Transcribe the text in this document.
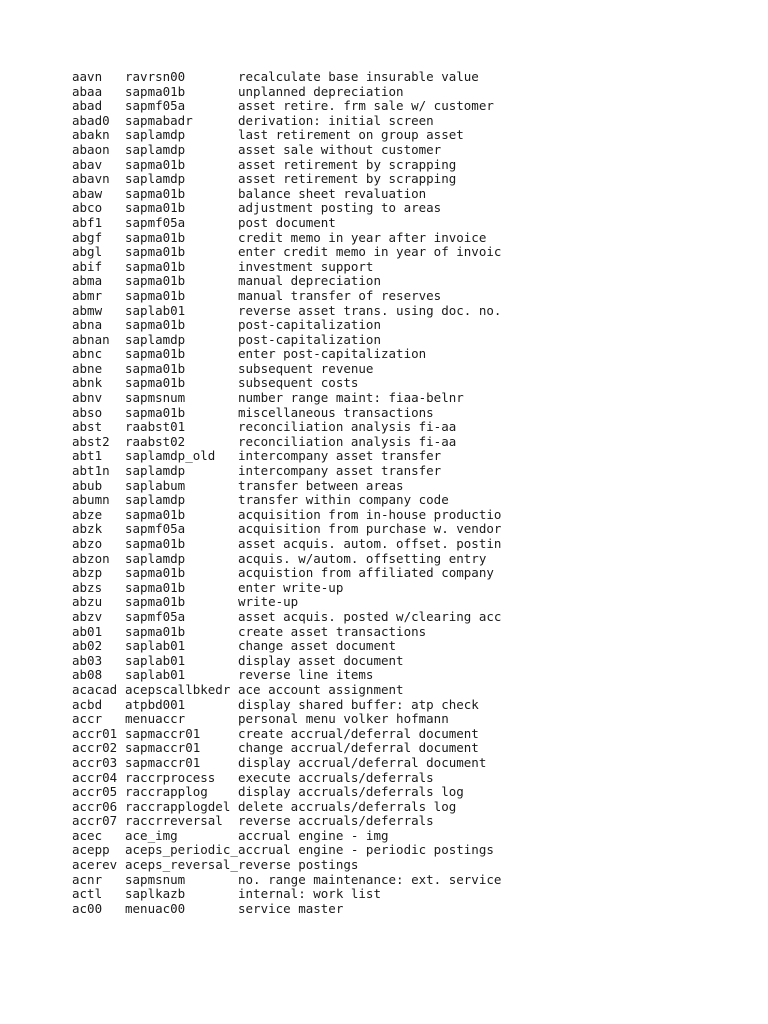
aavn ravrsn00	recalculate base insurable value
abaa sapma01b	unplanned depreciation
abad sapmf05a	asset retire. frm sale w/ customer
abad0 sapmabadr	derivation: initial screen
abakn saplamdp	last retirement on group asset
abaon saplamdp	asset sale without customer
abav sapma01b	asset retirement by scrapping
abavn saplamdp	asset retirement by scrapping
abaw sapma01b	balance sheet revaluation
abco sapma01b	adjustment posting to areas
abf1 sapmf05a	post document
abgf sapma01b	credit memo in year after invoice
abgl sapma01b	enter credit memo in year of invoic
abif sapma01b	investment support
abma sapma01b	manual depreciation
abmr sapma01b	manual transfer of reserves
abmw saplab01	reverse asset trans. using doc. no.
abna sapma01b	post-capitalization
abnan saplamdp	post-capitalization
abnc sapma01b	enter post-capitalization
abne sapma01b	subsequent revenue
abnk sapma01b	subsequent costs
abnv sapmsnum	number range maint: fiaa-belnr
abso sapma01b	miscellaneous transactions
abst raabst01	reconciliation analysis fi-aa
abst2 raabst02	reconciliation analysis fi-aa
abt1 saplamdp_old intercompany asset transfer
abt1n saplamdp	intercompany asset transfer
abub saplabum	transfer between areas
abumn saplamdp	transfer within company code
abze sapma01b	acquisition from in-house productio
abzk sapmf05a	acquisition from purchase w. vendor
abzo sapma01b	asset acquis. autom. offset. postin
abzon saplamdp	acquis. w/autom. offsetting entry
abzp sapma01b	acquistion from affiliated company
abzs sapma01b	enter write-up
abzu sapma01b	write-up
abzv sapmf05a	asset acquis. posted w/clearing acc
ab01 sapma01b	create asset transactions
ab02 saplab01	change asset document
ab03 saplab01	display asset document
ab08 saplab01	reverse line items
acacad acepscallbkedr ace account assignment
acbd atpbd001	display shared buffer: atp check
accr menuaccr	personal menu volker hofmann
accr01 sapmaccr01	create accrual/deferral document
accr02 sapmaccr01	change accrual/deferral document
accr03 sapmaccr01	display accrual/deferral document
accr04 raccrprocess execute accruals/deferrals
accr05 raccrapplog display accruals/deferrals log
accr06 raccrapplogdel delete accruals/deferrals log
accr07 raccrreversal reverse accruals/deferrals
acec ace_img	accrual engine - img
acepp aceps_periodic_ accrual engine - periodic postings
acerev aceps_reversal_ reverse postings
acnr sapmsnum	no. range maintenance: ext. service
actl saplkazb	internal: work list
ac00 menuac00	service master
